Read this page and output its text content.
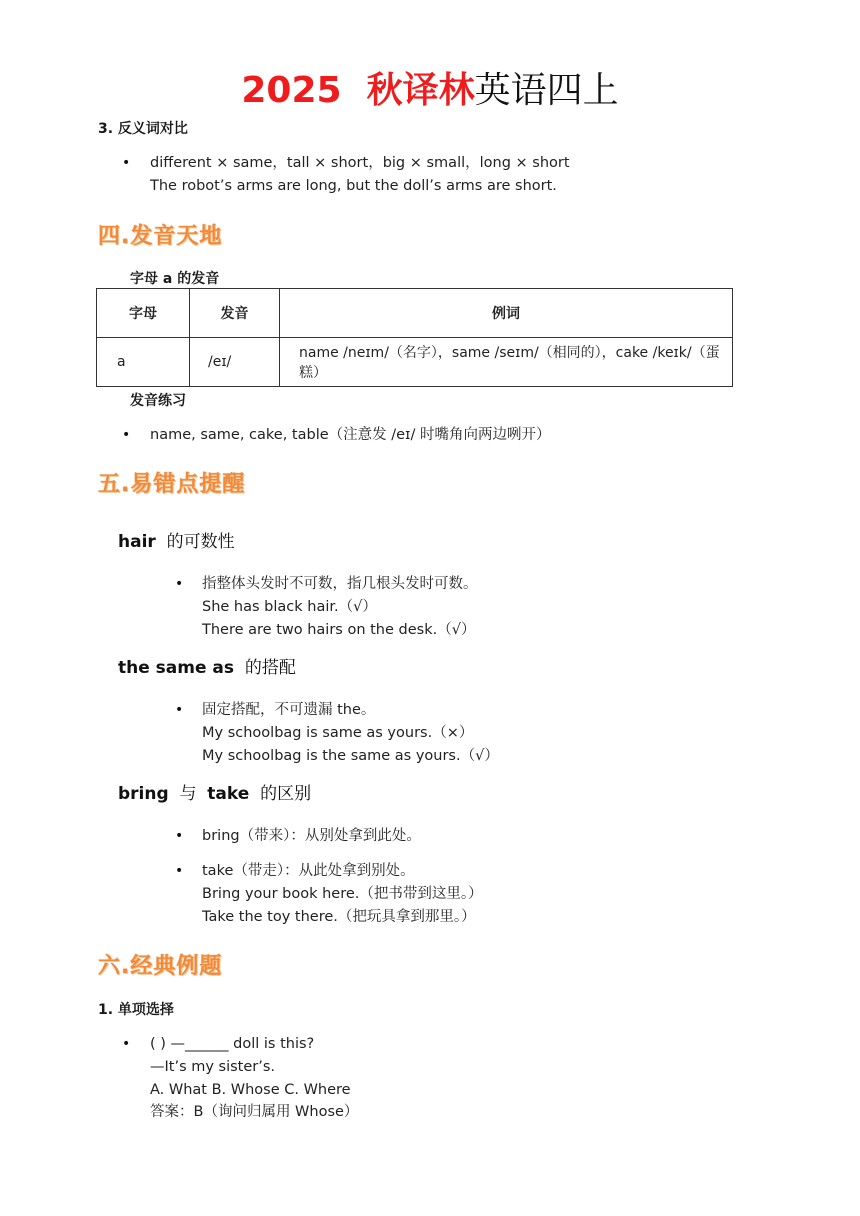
2025 秋译林英语四上
3. 反义词对比
• different × same，tall × short，big × small，long × short
The robot’s arms are long, but the doll’s arms are short.
四.发音天地
字母 a 的发音
字母	发音	例词
a	/eɪ/	name /neɪm/（名字），same /seɪm/（相同的），cake /keɪk/（蛋糕）
发音练习
• name, same, cake, table（注意发 /eɪ/ 时嘴角向两边咧开）
五.易错点提醒
hair  的可数性
• 指整体头发时不可数，指几根头发时可数。
She has black hair.（√）
There are two hairs on the desk.（√）
the same as  的搭配
• 固定搭配，不可遗漏 the。
My schoolbag is same as yours.（×）
My schoolbag is the same as yours.（√）
bring  与  take  的区别
• bring（带来）：从别处拿到此处。
• take（带走）：从此处拿到别处。
Bring your book here.（把书带到这里。）
Take the toy there.（把玩具拿到那里。）
六.经典例题
1. 单项选择
• ( ) —______ doll is this?
—It’s my sister’s.
A. What B. Whose C. Where
答案：B（询问归属用 Whose）
